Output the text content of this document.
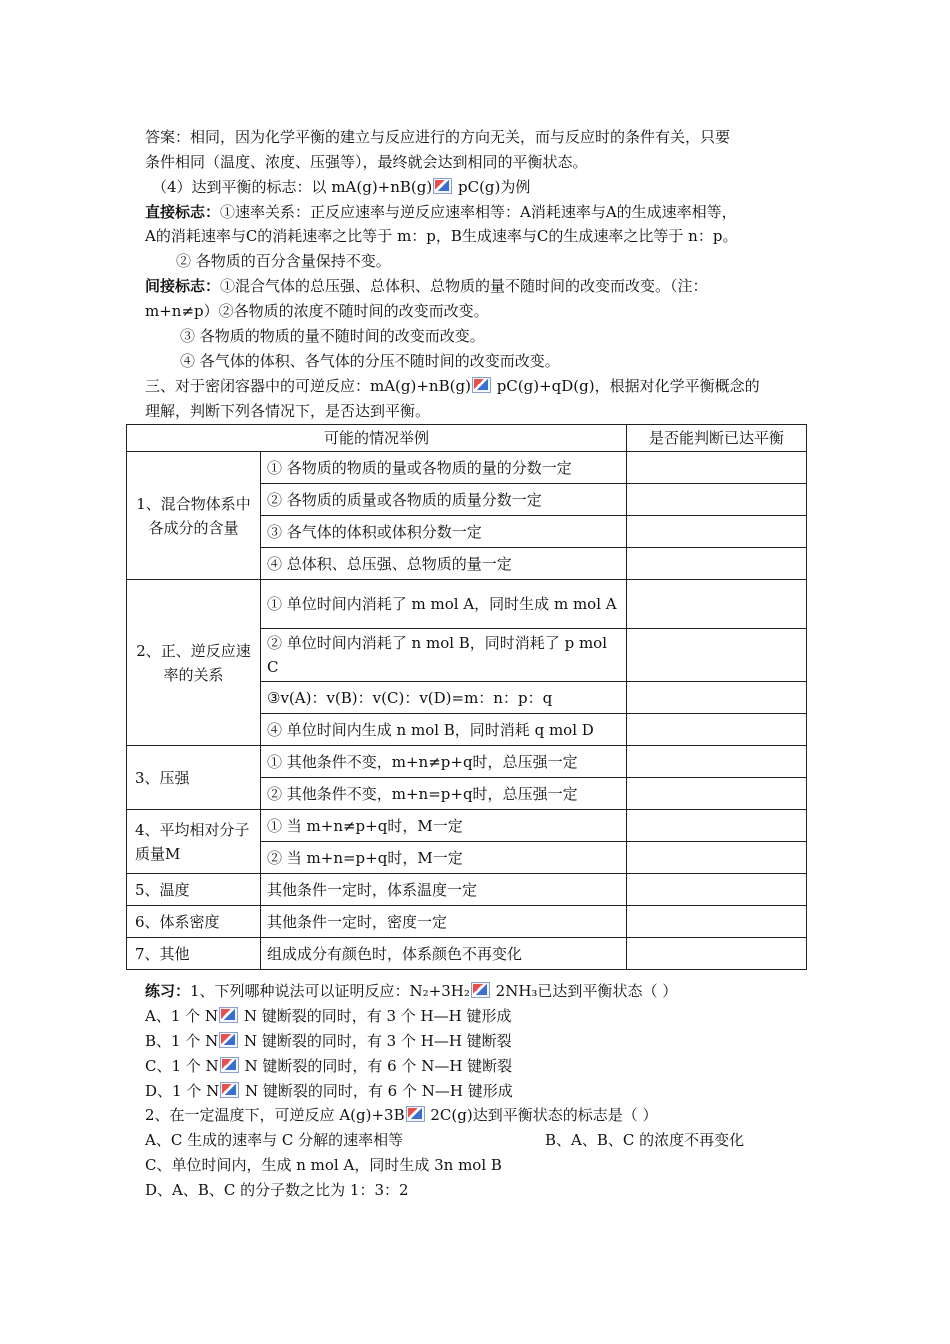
答案：相同，因为化学平衡的建立与反应进行的方向无关，而与反应时的条件有关，只要
条件相同（温度、浓度、压强等），最终就会达到相同的平衡状态。
（4）达到平衡的标志：以 mA(g)+nB(g) pC(g)为例
直接标志：①速率关系：正反应速率与逆反应速率相等：A消耗速率与A的生成速率相等，
A的消耗速率与C的消耗速率之比等于 m：p，B生成速率与C的生成速率之比等于 n：p。
② 各物质的百分含量保持不变。
间接标志：①混合气体的总压强、总体积、总物质的量不随时间的改变而改变。（注：
m+n≠p）②各物质的浓度不随时间的改变而改变。
③ 各物质的物质的量不随时间的改变而改变。
④ 各气体的体积、各气体的分压不随时间的改变而改变。
三、对于密闭容器中的可逆反应：mA(g)+nB(g) pC(g)+qD(g)，根据对化学平衡概念的
理解，判断下列各情况下，是否达到平衡。
可能的情况举例		是否能判断已达平衡
1、混合物体系中各成分的含量	① 各物质的物质的量或各物质的量的分数一定	
	② 各物质的质量或各物质的质量分数一定	
	③ 各气体的体积或体积分数一定	
	④ 总体积、总压强、总物质的量一定	
2、正、逆反应速率的关系	① 单位时间内消耗了 m mol A，同时生成 m mol A	
	② 单位时间内消耗了 n mol B，同时消耗了 p mol C	
	③v(A)：v(B)：v(C)：v(D)=m：n：p：q	
	④ 单位时间内生成 n mol B，同时消耗 q mol D	
3、压强	① 其他条件不变，m+n≠p+q时，总压强一定	
	② 其他条件不变，m+n=p+q时，总压强一定	
4、平均相对分子质量M	① 当 m+n≠p+q时，M一定	
	② 当 m+n=p+q时，M一定	
5、温度	其他条件一定时，体系温度一定	
6、体系密度	其他条件一定时，密度一定	
7、其他	组成成分有颜色时，体系颜色不再变化	
练习：1、下列哪种说法可以证明反应：N₂+3H₂ 2NH₃已达到平衡状态（ ）
A、1 个 N N 键断裂的同时，有 3 个 H—H 键形成
B、1 个 N N 键断裂的同时，有 3 个 H—H 键断裂
C、1 个 N N 键断裂的同时，有 6 个 N—H 键断裂
D、1 个 N N 键断裂的同时，有 6 个 N—H 键形成
2、在一定温度下，可逆反应 A(g)+3B 2C(g)达到平衡状态的标志是（ ）
A、C 生成的速率与 C 分解的速率相等	B、A、B、C 的浓度不再变化
C、单位时间内，生成 n mol A，同时生成 3n mol B
D、A、B、C 的分子数之比为 1：3：2
